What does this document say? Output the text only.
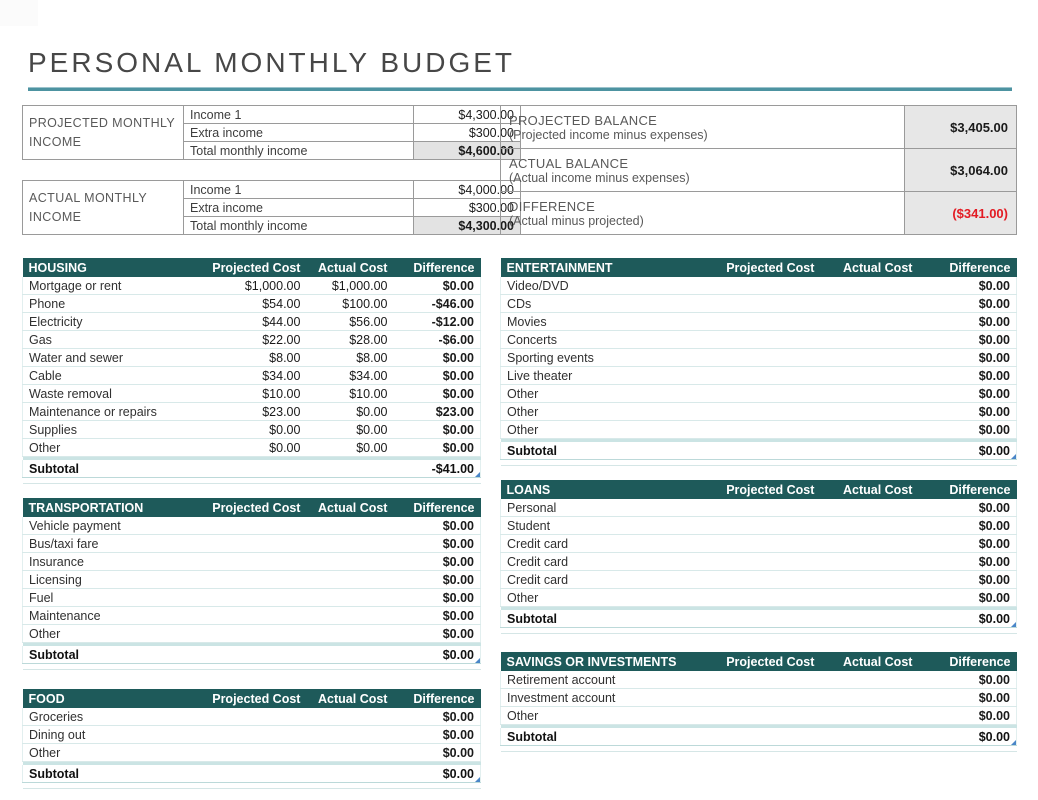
PERSONAL MONTHLY BUDGET
PROJECTED MONTHLY INCOME	Income 1	$4,300.00
	Extra income	$300.00
	Total monthly income	$4,600.00
ACTUAL MONTHLY INCOME	Income 1	$4,000.00
	Extra income	$300.00
	Total monthly income	$4,300.00
PROJECTED BALANCE
(Projected income minus expenses)	$3,405.00

ACTUAL BALANCE
(Actual income minus expenses)	$3,064.00

DIFFERENCE
(Actual minus projected)	($341.00)
HOUSING	Projected Cost	Actual Cost	Difference
Mortgage or rent	$1,000.00	$1,000.00	$0.00
Phone	$54.00	$100.00	-$46.00
Electricity	$44.00	$56.00	-$12.00
Gas	$22.00	$28.00	-$6.00
Water and sewer	$8.00	$8.00	$0.00
Cable	$34.00	$34.00	$0.00
Waste removal	$10.00	$10.00	$0.00
Maintenance or repairs	$23.00	$0.00	$23.00
Supplies	$0.00	$0.00	$0.00
Other	$0.00	$0.00	$0.00

Subtotal			-$41.00

TRANSPORTATION	Projected Cost	Actual Cost	Difference
Vehicle payment			$0.00
Bus/taxi fare			$0.00
Insurance			$0.00
Licensing			$0.00
Fuel			$0.00
Maintenance			$0.00
Other			$0.00

Subtotal			$0.00

FOOD	Projected Cost	Actual Cost	Difference
Groceries			$0.00
Dining out			$0.00
Other			$0.00

Subtotal			$0.00

ENTERTAINMENT	Projected Cost	Actual Cost	Difference
Video/DVD			$0.00
CDs			$0.00
Movies			$0.00
Concerts			$0.00
Sporting events			$0.00
Live theater			$0.00
Other			$0.00
Other			$0.00
Other			$0.00

Subtotal			$0.00

LOANS	Projected Cost	Actual Cost	Difference
Personal			$0.00
Student			$0.00
Credit card			$0.00
Credit card			$0.00
Credit card			$0.00
Other			$0.00

Subtotal			$0.00

SAVINGS OR INVESTMENTS	Projected Cost	Actual Cost	Difference
Retirement account			$0.00
Investment account			$0.00
Other			$0.00

Subtotal			$0.00
